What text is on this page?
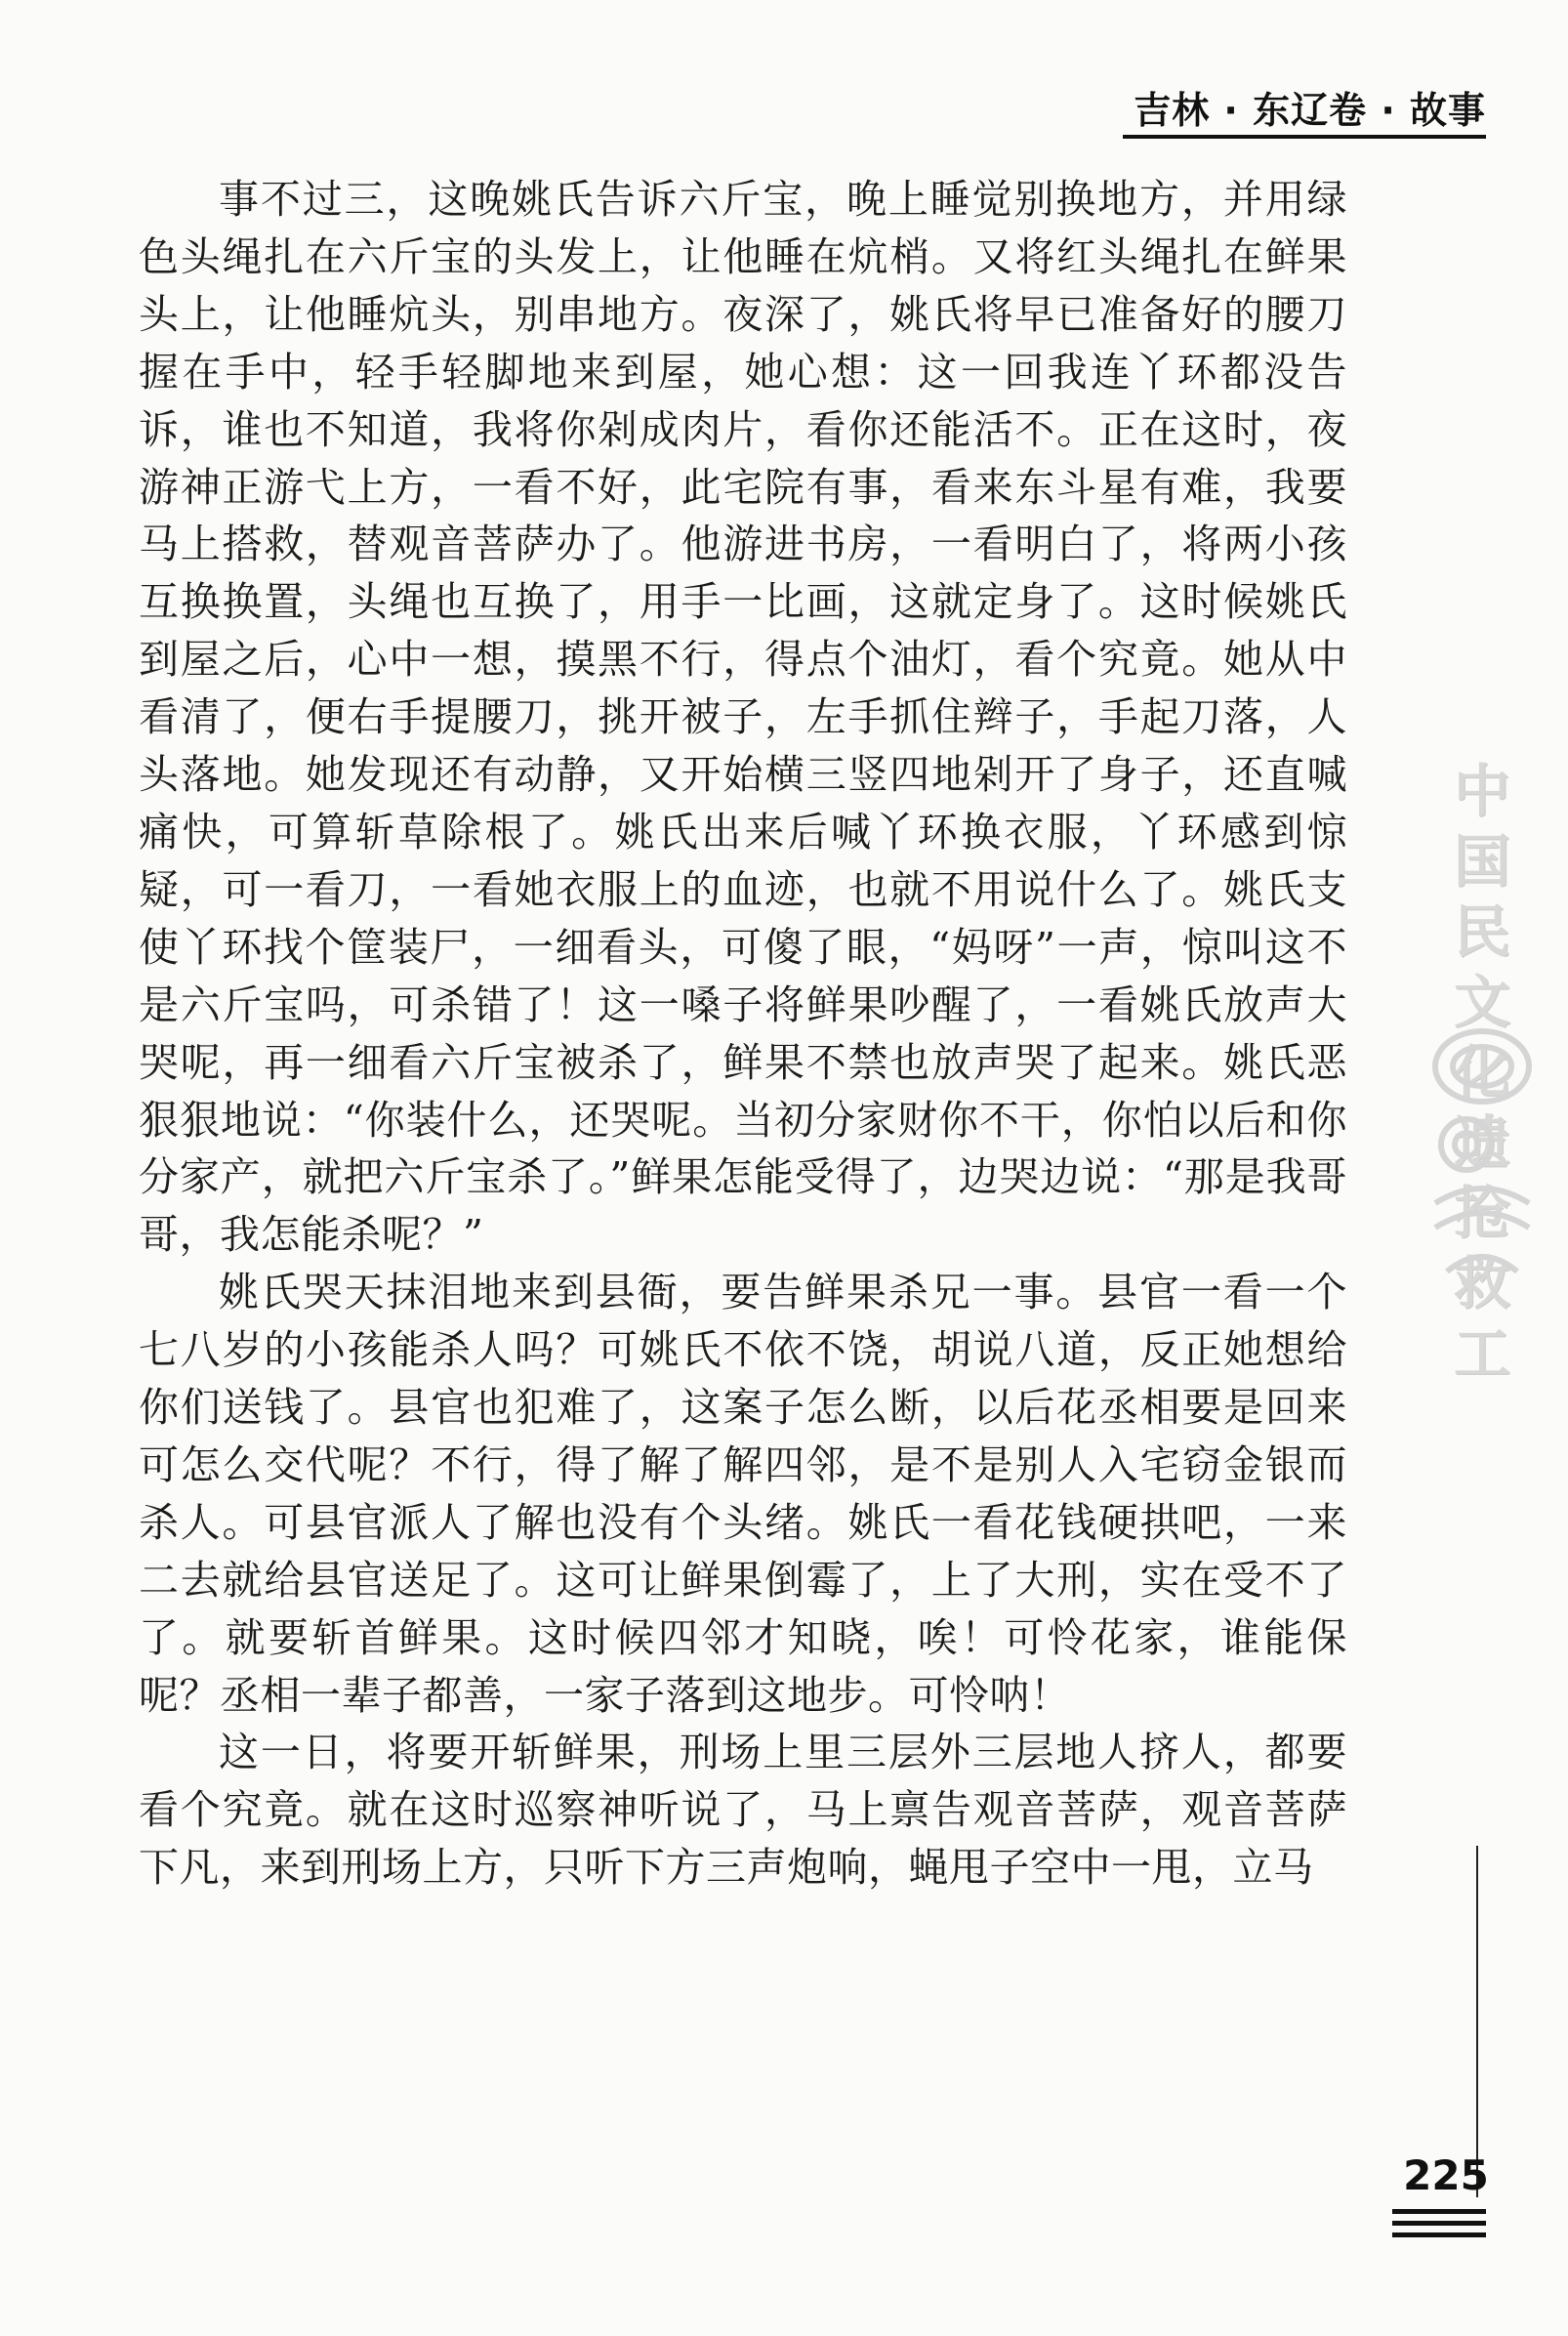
吉林 · 东辽卷 · 故事

事不过三，这晚姚氏告诉六斤宝，晚上睡觉别换地方，并用绿色头绳扎在六斤宝的头发上，让他睡在炕梢。又将红头绳扎在鲜果头上，让他睡炕头，别串地方。夜深了，姚氏将早已准备好的腰刀握在手中，轻手轻脚地来到屋，她心想：这一回我连丫环都没告诉，谁也不知道，我将你剁成肉片，看你还能活不。正在这时，夜游神正游弋上方，一看不好，此宅院有事，看来东斗星有难，我要马上搭救，替观音菩萨办了。他游进书房，一看明白了，将两小孩互换换置，头绳也互换了，用手一比画，这就定身了。这时候姚氏到屋之后，心中一想，摸黑不行，得点个油灯，看个究竟。她从中看清了，便右手提腰刀，挑开被子，左手抓住辫子，手起刀落，人头落地。她发现还有动静，又开始横三竖四地剁开了身子，还直喊痛快，可算斩草除根了。姚氏出来后喊丫环换衣服，丫环感到惊疑，可一看刀，一看她衣服上的血迹，也就不用说什么了。姚氏支使丫环找个筐装尸，一细看头，可傻了眼，“妈呀”一声，惊叫这不是六斤宝吗，可杀错了！这一嗓子将鲜果吵醒了，一看姚氏放声大哭呢，再一细看六斤宝被杀了，鲜果不禁也放声哭了起来。姚氏恶狠狠地说：“你装什么，还哭呢。当初分家财你不干，你怕以后和你分家产，就把六斤宝杀了。”鲜果怎能受得了，边哭边说：“那是我哥哥，我怎能杀呢？”

姚氏哭天抹泪地来到县衙，要告鲜果杀兄一事。县官一看一个七八岁的小孩能杀人吗？可姚氏不依不饶，胡说八道，反正她想给你们送钱了。县官也犯难了，这案子怎么断，以后花丞相要是回来可怎么交代呢？不行，得了解了解四邻，是不是别人入宅窃金银而杀人。可县官派人了解也没有个头绪。姚氏一看花钱硬拱吧，一来二去就给县官送足了。这可让鲜果倒霉了，上了大刑，实在受不了了。就要斩首鲜果。这时候四邻才知晓，唉！可怜花家，谁能保呢？丞相一辈子都善，一家子落到这地步。可怜呐！

这一日，将要开斩鲜果，刑场上里三层外三层地人挤人，都要看个究竟。就在这时巡察神听说了，马上禀告观音菩萨，观音菩萨下凡，来到刑场上方，只听下方三声炮响，蝇甩子空中一甩，立马

中国民
文化遗
抢救工
225
